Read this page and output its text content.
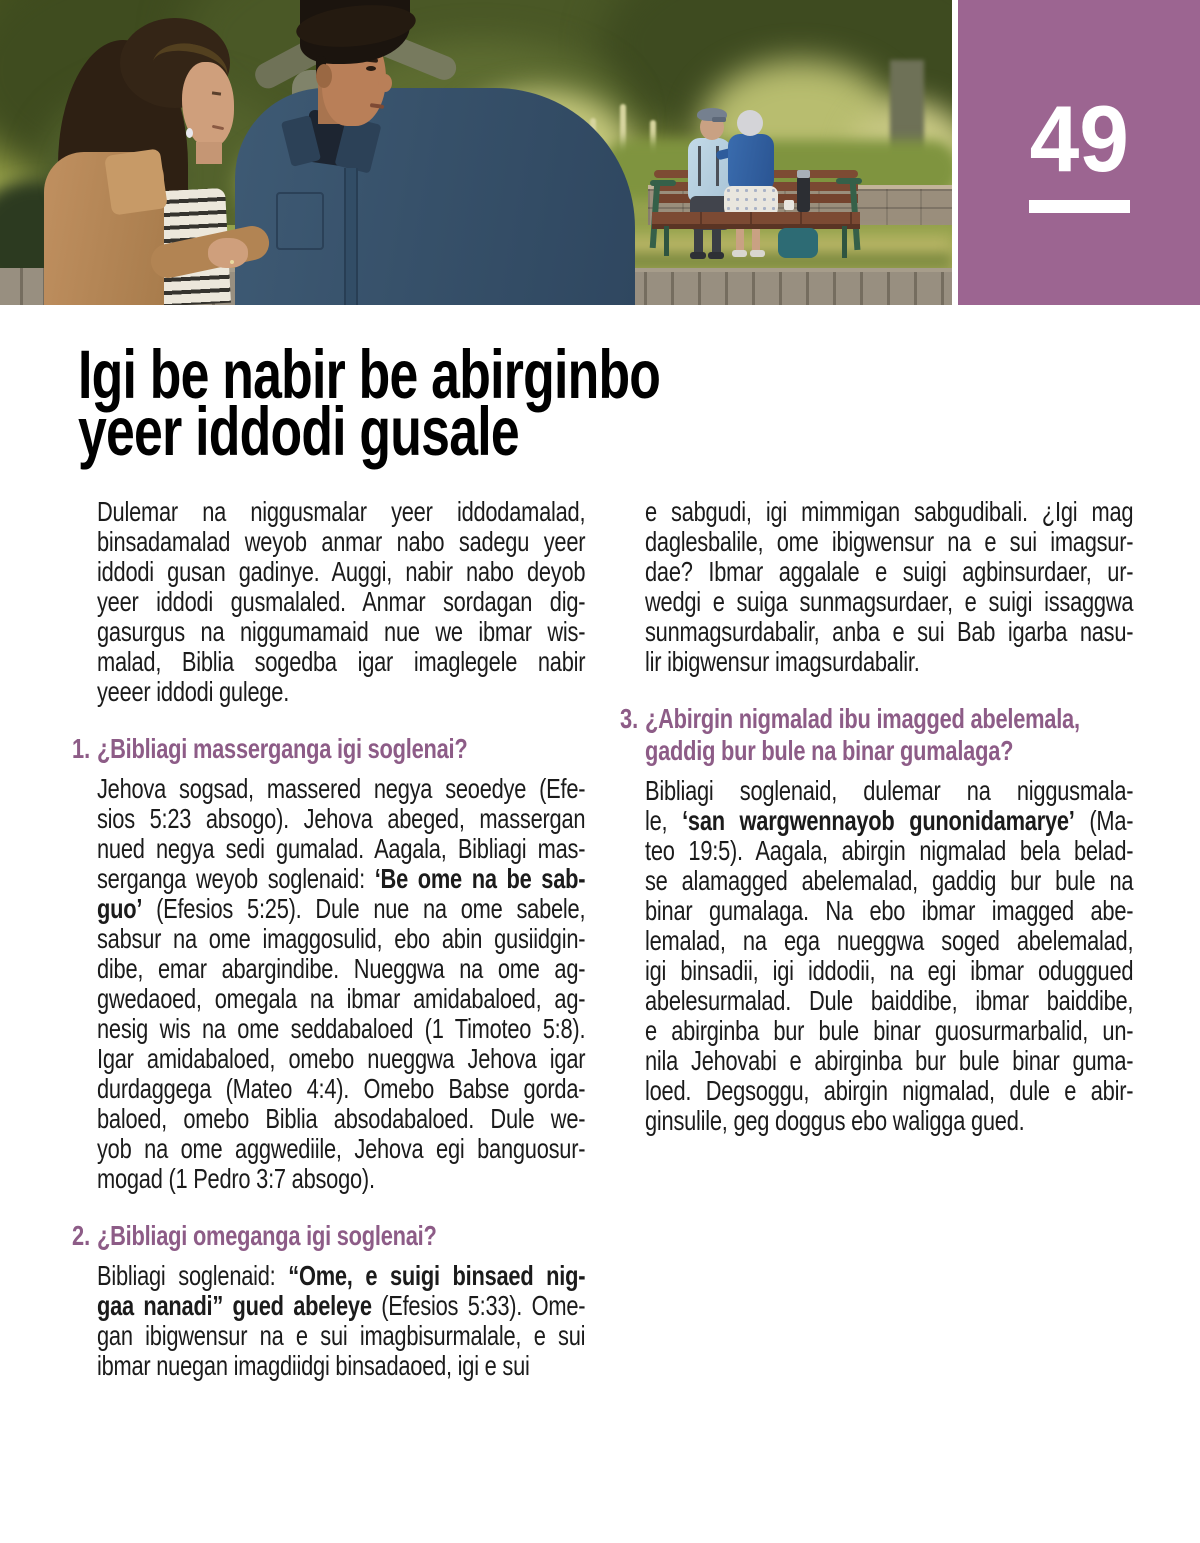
49
Igi be nabir be abirginbo
yeer iddodi gusale
Dulemar na niggusmalar yeer iddodamalad,
binsadamalad weyob anmar nabo sadegu yeer
iddodi gusan gadinye. Auggi, nabir nabo deyob
yeer iddodi gusmalaled. Anmar sordagan dig-
gasurgus na niggumamaid nue we ibmar wis-
malad, Biblia sogedba igar imaglegele nabir
yeeer iddodi gulege.
1. ¿Bibliagi masserganga igi soglenai?
Jehova sogsad, massered negya seoedye (Efe-
sios 5:23 absogo). Jehova abeged, massergan
nued negya sedi gumalad. Aagala, Bibliagi mas-
serganga weyob soglenaid: ‘Be ome na be sab-
guo’ (Efesios 5:25). Dule nue na ome sabele,
sabsur na ome imaggosulid, ebo abin gusiidgin-
dibe, emar abargindibe. Nueggwa na ome ag-
gwedaoed, omegala na ibmar amidabaloed, ag-
nesig wis na ome seddabaloed (1 Timoteo 5:8).
Igar amidabaloed, omebo nueggwa Jehova igar
durdaggega (Mateo 4:4). Omebo Babse gorda-
baloed, omebo Biblia absodabaloed. Dule we-
yob na ome aggwediile, Jehova egi banguosur-
mogad (1 Pedro 3:7 absogo).
2. ¿Bibliagi omeganga igi soglenai?
Bibliagi soglenaid: “Ome, e suigi binsaed nig-
gaa nanadi” gued abeleye (Efesios 5:33). Ome-
gan ibigwensur na e sui imagbisurmalale, e sui
ibmar nuegan imagdiidgi binsadaoed, igi e sui
e sabgudi, igi mimmigan sabgudibali. ¿Igi mag
daglesbalile, ome ibigwensur na e sui imagsur-
dae? Ibmar aggalale e suigi agbinsurdaer, ur-
wedgi e suiga sunmagsurdaer, e suigi issaggwa
sunmagsurdabalir, anba e sui Bab igarba nasu-
lir ibigwensur imagsurdabalir.
3. ¿Abirgin nigmalad ibu imagged abelemala,
gaddig bur bule na binar gumalaga?
Bibliagi soglenaid, dulemar na niggusmala-
le, ‘san wargwennayob gunonidamarye’ (Ma-
teo 19:5). Aagala, abirgin nigmalad bela belad-
se alamagged abelemalad, gaddig bur bule na
binar gumalaga. Na ebo ibmar imagged abe-
lemalad, na ega nueggwa soged abelemalad,
igi binsadii, igi iddodii, na egi ibmar oduggued
abelesurmalad. Dule baiddibe, ibmar baiddibe,
e abirginba bur bule binar guosurmarbalid, un-
nila Jehovabi e abirginba bur bule binar guma-
loed. Degsoggu, abirgin nigmalad, dule e abir-
ginsulile, geg doggus ebo waligga gued.
